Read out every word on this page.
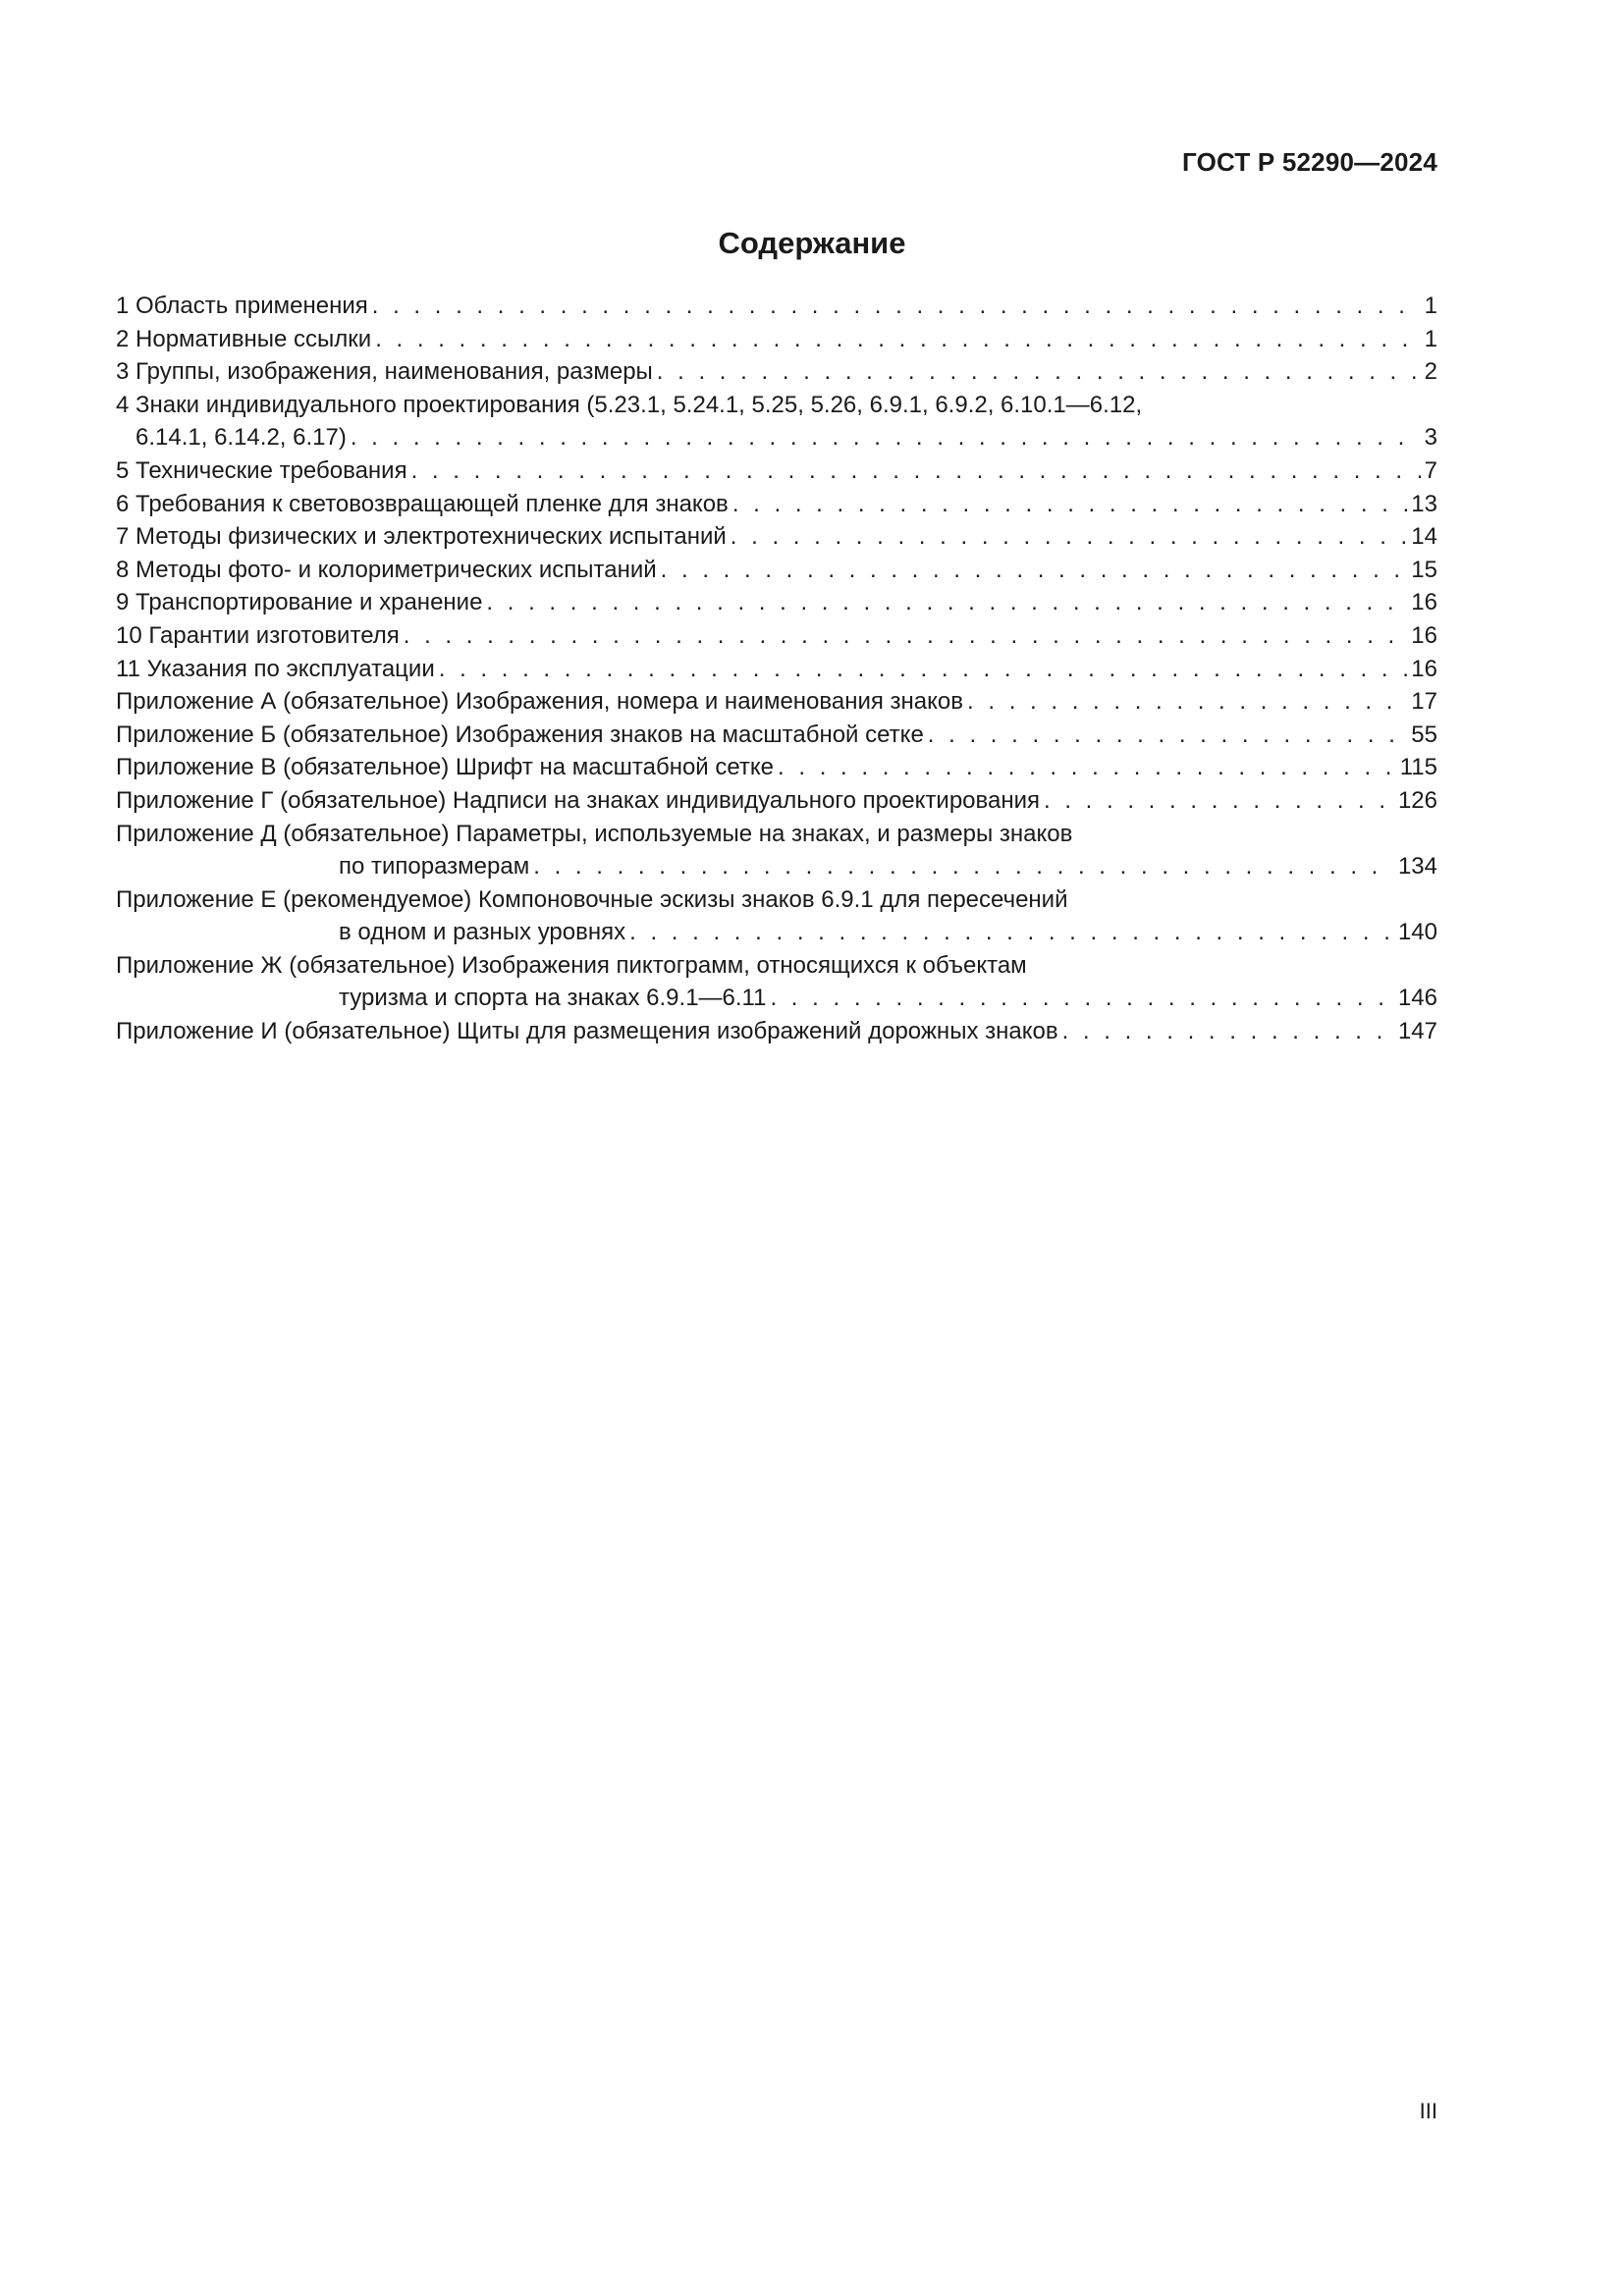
ГОСТ Р 52290—2024
Содержание
1 Область применения . . .	1
2 Нормативные ссылки . . .	1
3 Группы, изображения, наименования, размеры . . .	2
4 Знаки индивидуального проектирования (5.23.1, 5.24.1, 5.25, 5.26, 6.9.1, 6.9.2, 6.10.1—6.12,
6.14.1, 6.14.2, 6.17) . . .	3
5 Технические требования . . .	7
6 Требования к световозвращающей пленке для знаков . . .	13
7 Методы физических и электротехнических испытаний . . .	14
8 Методы фото- и колориметрических испытаний . . .	15
9 Транспортирование и хранение . . .	16
10 Гарантии изготовителя . . .	16
11 Указания по эксплуатации . . .	16
Приложение А (обязательное) Изображения, номера и наименования знаков . . .	17
Приложение Б (обязательное) Изображения знаков на масштабной сетке . . .	55
Приложение В (обязательное) Шрифт на масштабной сетке . . .	115
Приложение Г (обязательное) Надписи на знаках индивидуального проектирования . . .	126
Приложение Д (обязательное) Параметры, используемые на знаках, и размеры знаков
по типоразмерам . . .	134
Приложение Е (рекомендуемое) Компоновочные эскизы знаков 6.9.1 для пересечений
в одном и разных уровнях . . .	140
Приложение Ж (обязательное) Изображения пиктограмм, относящихся к объектам
туризма и спорта на знаках 6.9.1—6.11 . . .	146
Приложение И (обязательное) Щиты для размещения изображений дорожных знаков . . .	147
III
